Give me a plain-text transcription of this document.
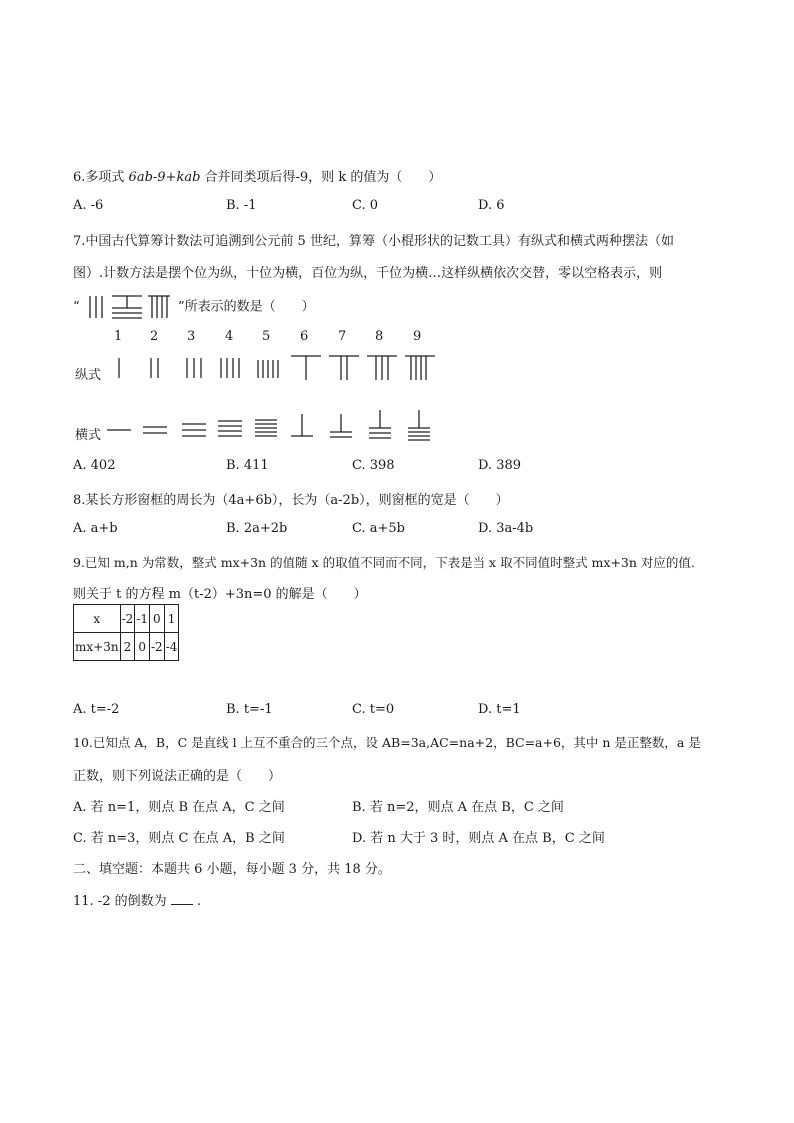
6.多项式 6ab-9+kab 合并同类项后得-9，则 k 的值为（　　）
A. -6	B. -1	C. 0	D. 6
7.中国古代算筹计数法可追溯到公元前 5 世纪，算筹（小棍形状的记数工具）有纵式和横式两种摆法（如
图）.计数方法是摆个位为纵，十位为横，百位为纵，千位为横…这样纵横依次交替，零以空格表示，则
“	”所表示的数是（　　）
1 2 3 4 5 6 7 8 9
纵式
横式
A. 402	B. 411	C. 398	D. 389
8.某长方形窗框的周长为（4a+6b），长为（a-2b），则窗框的宽是（　　）
A. a+b	B. 2a+2b	C. a+5b	D. 3a-4b
9.已知 m,n 为常数，整式 mx+3n 的值随 x 的取值不同而不同，下表是当 x 取不同值时整式 mx+3n 对应的值.
则关于 t 的方程 m（t-2）+3n=0 的解是（　　）
x	-2	-1	0	1
mx+3n	2	0	-2	-4
A. t=-2	B. t=-1	C. t=0	D. t=1
10.已知点 A，B，C 是直线 l 上互不重合的三个点，设 AB=3a,AC=na+2，BC=a+6，其中 n 是正整数，a 是
正数，则下列说法正确的是（　　）
A. 若 n=1，则点 B 在点 A，C 之间	B. 若 n=2，则点 A 在点 B，C 之间
C. 若 n=3，则点 C 在点 A，B 之间	D. 若 n 大于 3 时，则点 A 在点 B，C 之间
二、填空题：本题共 6 小题，每小题 3 分，共 18 分。
11. -2 的倒数为  .
